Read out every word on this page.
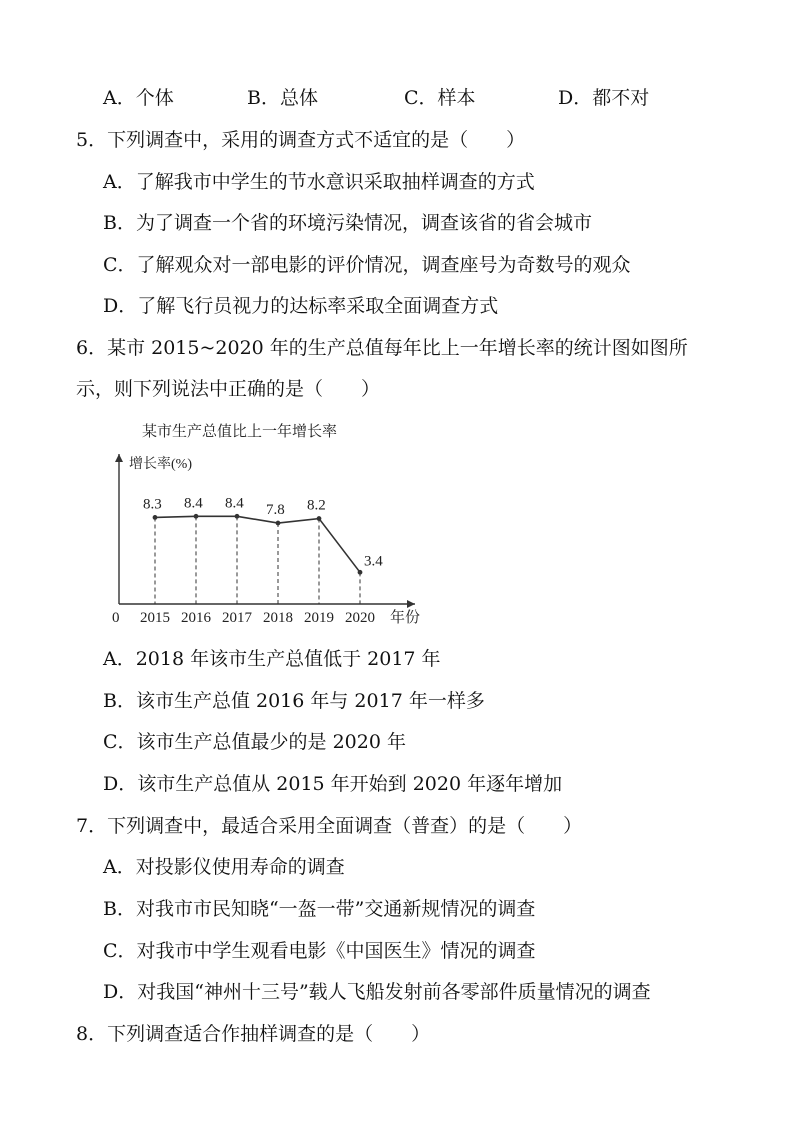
A．个体	B．总体	C．样本	D．都不对
5．下列调查中，采用的调查方式不适宜的是（　　）
A．了解我市中学生的节水意识采取抽样调查的方式
B．为了调查一个省的环境污染情况，调查该省的省会城市
C．了解观众对一部电影的评价情况，调查座号为奇数号的观众
D．了解飞行员视力的达标率采取全面调查方式
6．某市 2015~2020 年的生产总值每年比上一年增长率的统计图如图所
示，则下列说法中正确的是（　　）
某市生产总值比上一年增长率
增长率(%)
年份
0
8.3
2015
8.4
2016
8.4
2017
7.8
2018
8.2
2019
3.4
2020
A．2018 年该市生产总值低于 2017 年
B．该市生产总值 2016 年与 2017 年一样多
C．该市生产总值最少的是 2020 年
D．该市生产总值从 2015 年开始到 2020 年逐年增加
7．下列调查中，最适合采用全面调查（普查）的是（　　）
A．对投影仪使用寿命的调查
B．对我市市民知晓“一盔一带”交通新规情况的调查
C．对我市中学生观看电影《中国医生》情况的调查
D．对我国“神州十三号”载人飞船发射前各零部件质量情况的调查
8．下列调查适合作抽样调查的是（　　）
